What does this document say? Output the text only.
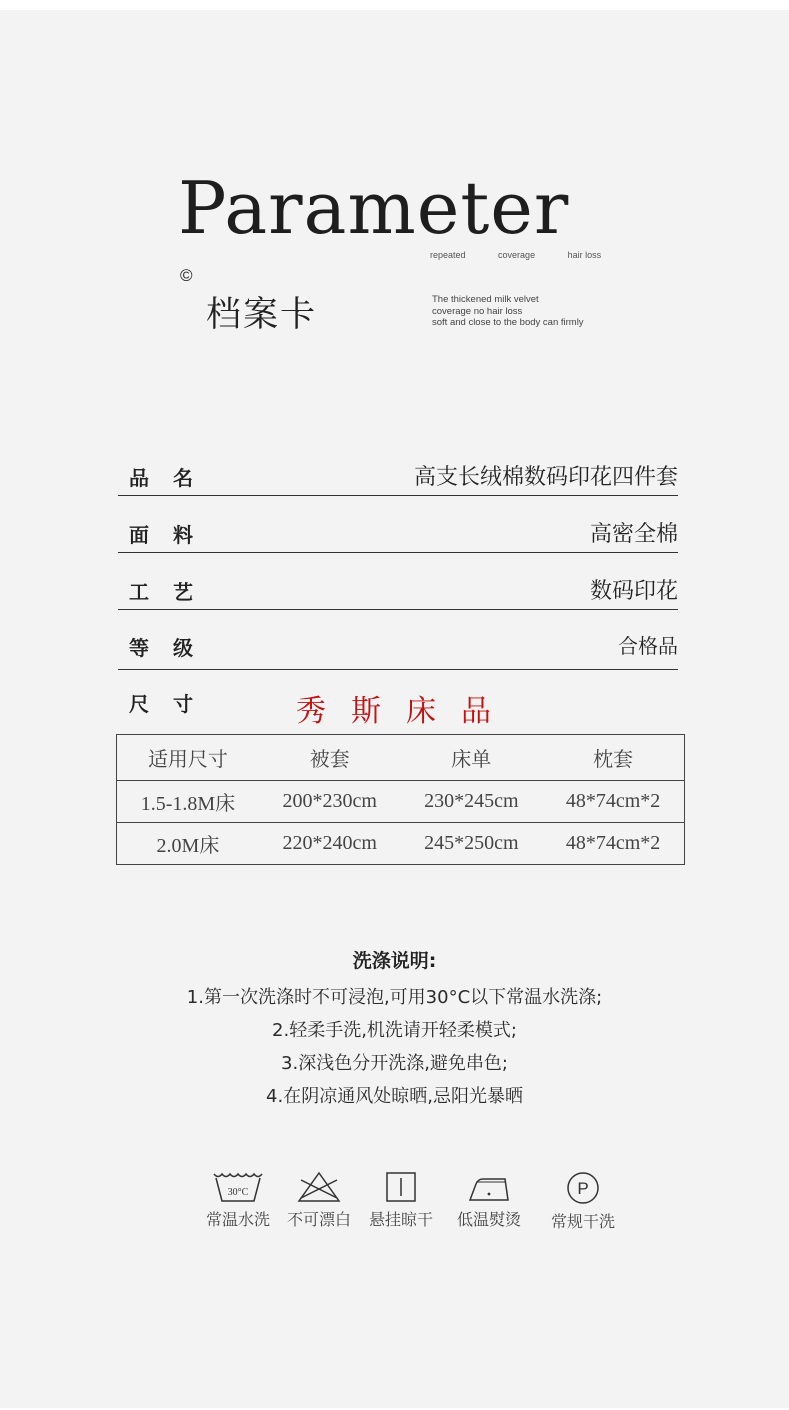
Parameter
repeated	coverage	hair loss
©
档案卡	The thickened milk velvet
coverage no hair loss
soft and close to the body can firmly
品名	高支长绒棉数码印花四件套
面料	高密全棉
工艺	数码印花
等级	合格品
尺寸	秀斯床品
适用尺寸	被套	床单	枕套
1.5-1.8M床	200*230cm	230*245cm	48*74cm*2
2.0M床	220*240cm	245*250cm	48*74cm*2
洗涤说明:
1.第一次洗涤时不可浸泡,可用30°C以下常温水洗涤;
2.轻柔手洗,机洗请开轻柔模式;
3.深浅色分开洗涤,避免串色;
4.在阴凉通风处晾晒,忌阳光暴晒
30°C
常温水洗 不可漂白 悬挂晾干 低温熨烫
P
常规干洗
